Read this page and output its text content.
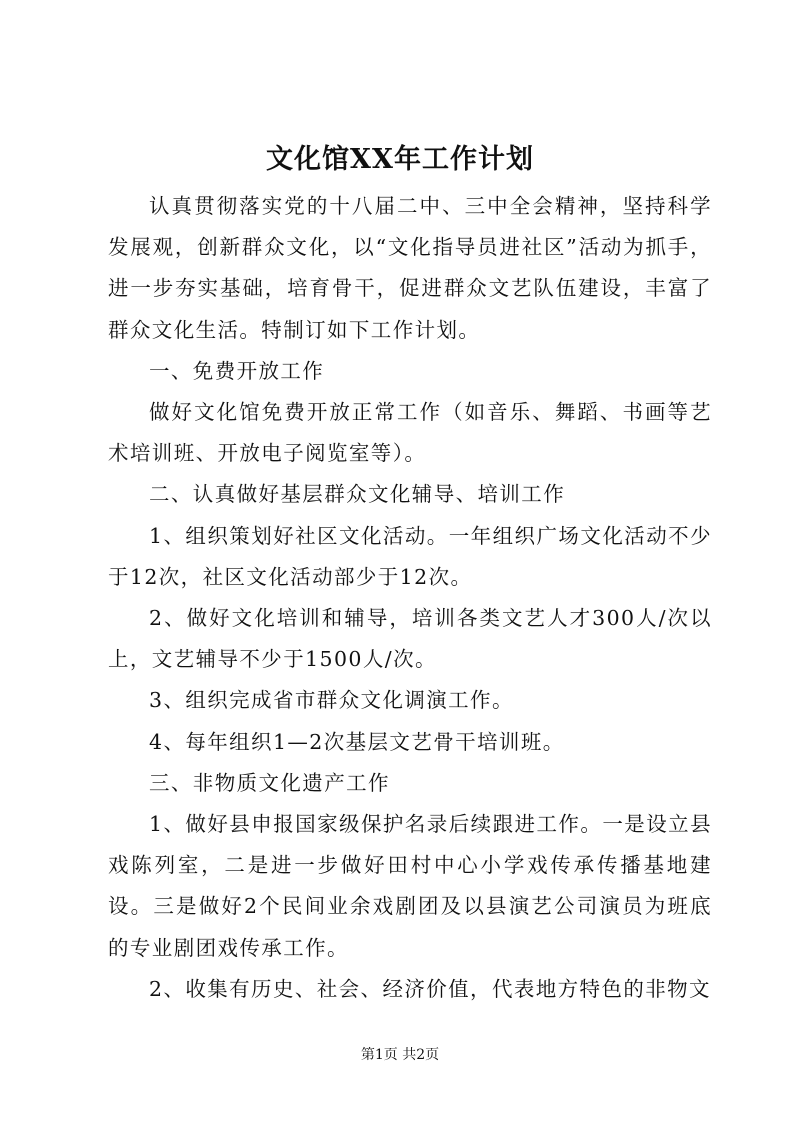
文化馆XX年工作计划

认真贯彻落实党的十八届二中、三中全会精神，坚持科学发展观，创新群众文化，以“文化指导员进社区”活动为抓手，进一步夯实基础，培育骨干，促进群众文艺队伍建设，丰富了群众文化生活。特制订如下工作计划。

一、免费开放工作

做好文化馆免费开放正常工作（如音乐、舞蹈、书画等艺术培训班、开放电子阅览室等）。

二、认真做好基层群众文化辅导、培训工作

1、组织策划好社区文化活动。一年组织广场文化活动不少于12次，社区文化活动部少于12次。

2、做好文化培训和辅导，培训各类文艺人才300人/次以上，文艺辅导不少于1500人/次。

3、组织完成省市群众文化调演工作。

4、每年组织1—2次基层文艺骨干培训班。

三、非物质文化遗产工作

1、做好县申报国家级保护名录后续跟进工作。一是设立县戏陈列室，二是进一步做好田村中心小学戏传承传播基地建设。三是做好2个民间业余戏剧团及以县演艺公司演员为班底的专业剧团戏传承工作。

2、收集有历史、社会、经济价值，代表地方特色的非物文

第1页 共2页
